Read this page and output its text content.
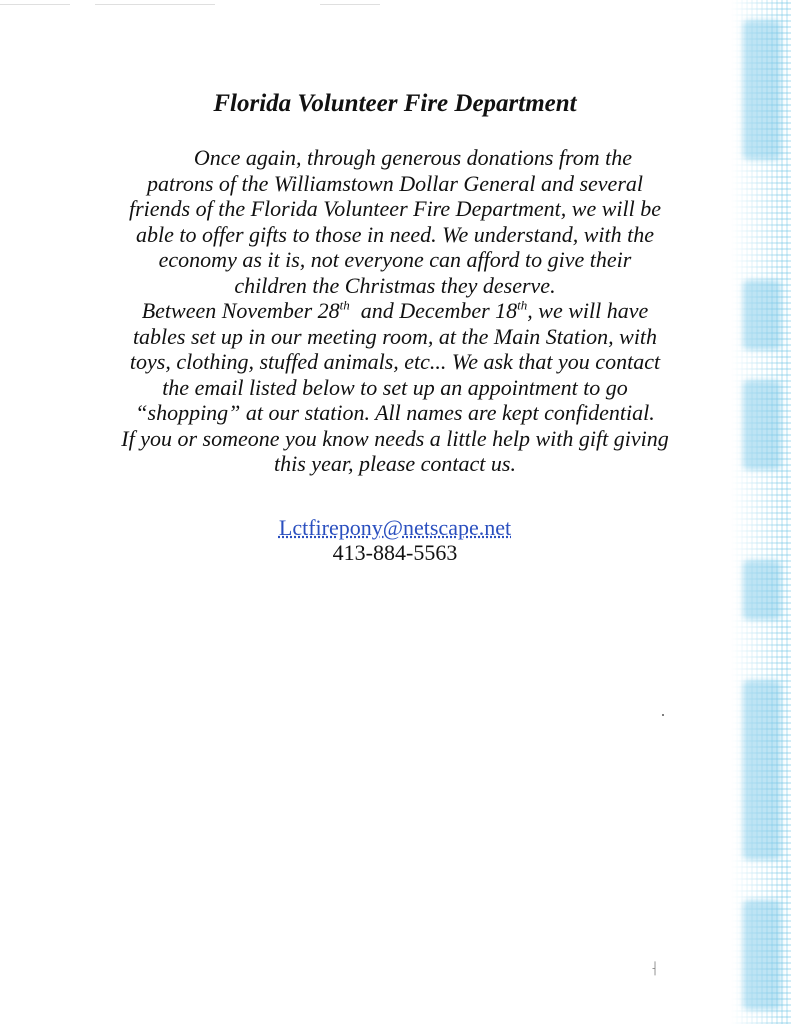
Florida Volunteer Fire Department

Once again, through generous donations from the
patrons of the Williamstown Dollar General and several
friends of the Florida Volunteer Fire Department, we will be
able to offer gifts to those in need. We understand, with the
economy as it is, not everyone can afford to give their
children the Christmas they deserve.

Between November 28th and December 18th, we will have
tables set up in our meeting room, at the Main Station, with
toys, clothing, stuffed animals, etc... We ask that you contact
the email listed below to set up an appointment to go
“shopping” at our station. All names are kept confidential.
If you or someone you know needs a little help with gift giving
this year, please contact us.

Lctfirepony@netscape.net
413-884-5563
⸡
